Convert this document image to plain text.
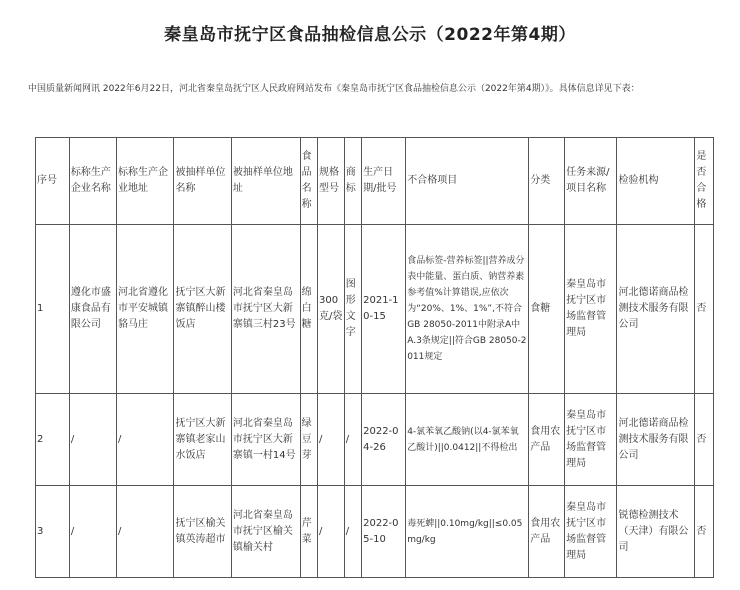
秦皇岛市抚宁区食品抽检信息公示（2022年第4期）
中国质量新闻网讯 2022年6月22日，河北省秦皇岛抚宁区人民政府网站发布《秦皇岛市抚宁区食品抽检信息公示（2022年第4期）》。具体信息详见下表：
序号	标称生产企业名称	标称生产企业地址	被抽样单位名称	被抽样单位地址	食品名称	规格型号	商标	生产日期/批号	不合格项目	分类	任务来源/项目名称	检验机构	是否合格
1	遵化市盛康食品有限公司	河北省遵化市平安城镇貉马庄	抚宁区大新寨镇醉山楼饭店	河北省秦皇岛市抚宁区大新寨镇三村23号	绵白糖	300克/袋	图形文字	2021-10-15	食品标签-营养标签||营养成分表中能量、蛋白质、钠营养素参考值%计算错误,应依次为“20%、1%、1%”,不符合GB 28050-2011中附录A中A.3条规定||符合GB 28050-2011规定	食糖	秦皇岛市抚宁区市场监督管理局	河北德诺商品检测技术服务有限公司	否
2	/	/	抚宁区大新寨镇老家山水饭店	河北省秦皇岛市抚宁区大新寨镇一村14号	绿豆芽	/	/	2022-04-26	4-氯苯氧乙酸钠(以4-氯苯氧乙酸计)||0.0412||不得检出	食用农产品	秦皇岛市抚宁区市场监督管理局	河北德诺商品检测技术服务有限公司	否
3	/	/	抚宁区榆关镇英涛超市	河北省秦皇岛市抚宁区榆关镇榆关村	芹菜	/	/	2022-05-10	毒死蜱||0.10mg/kg||≤0.05mg/kg	食用农产品	秦皇岛市抚宁区市场监督管理局	锐德检测技术（天津）有限公司	否
